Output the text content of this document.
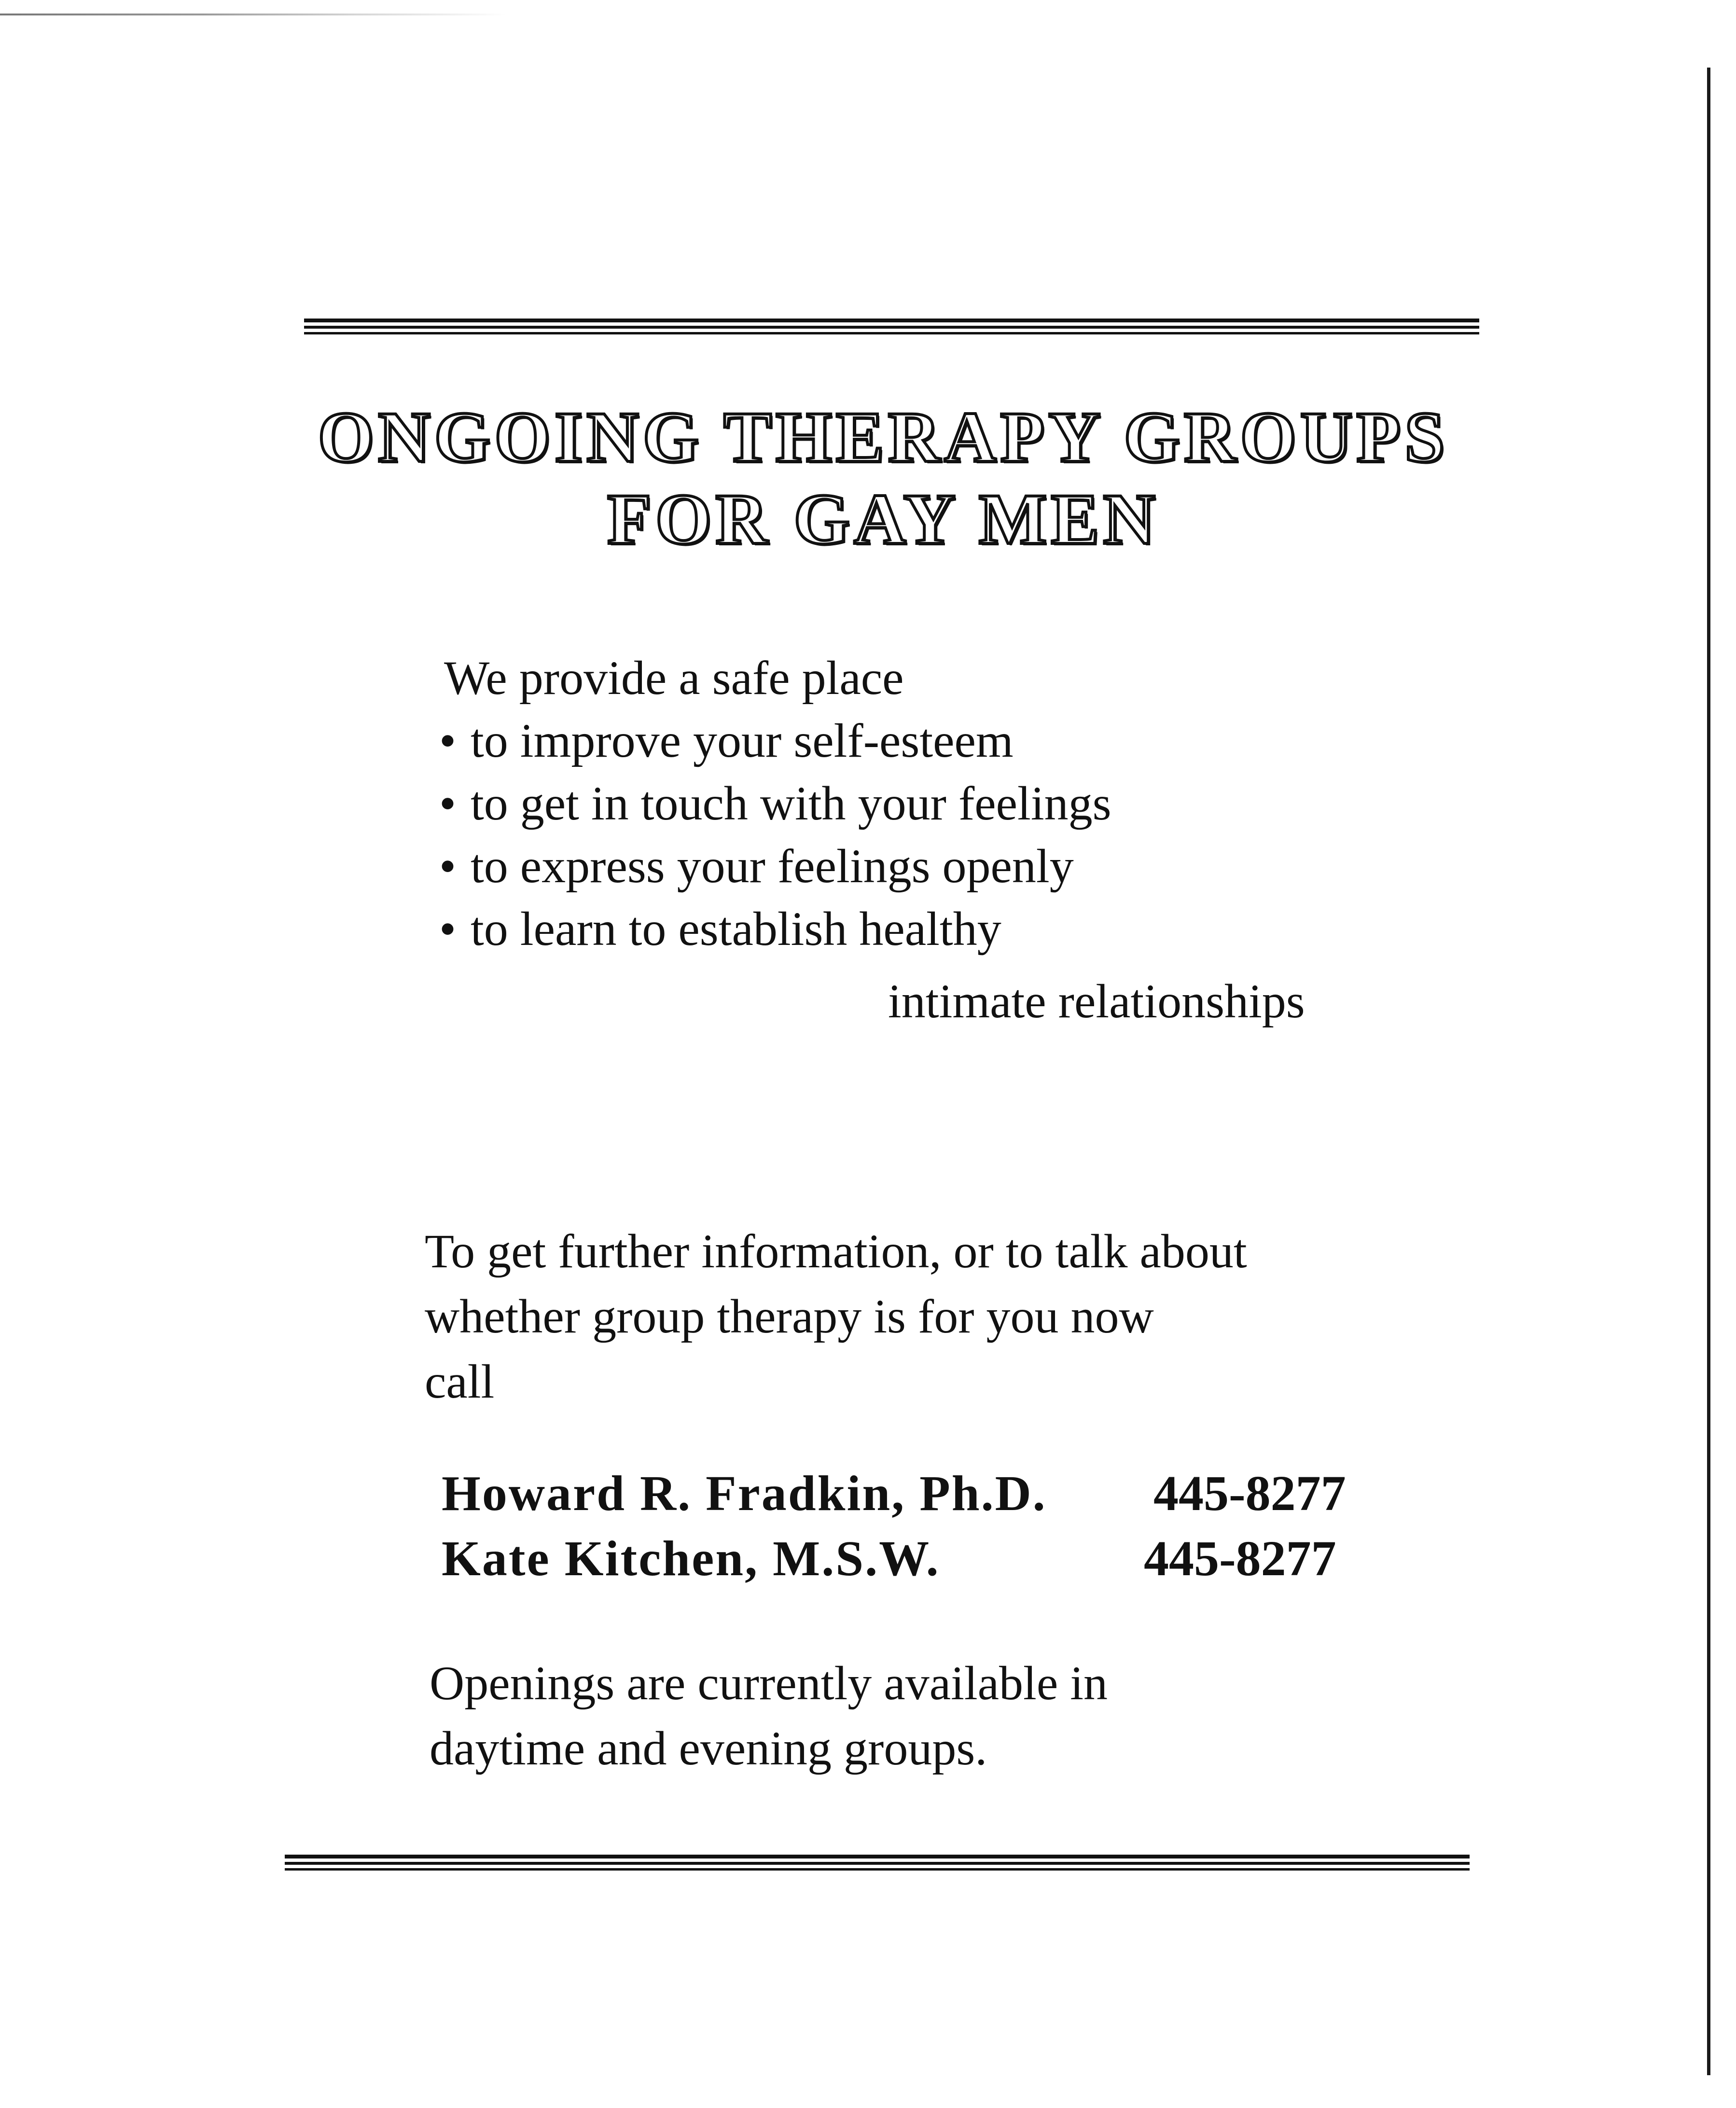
ONGOING THERAPY GROUPS
FOR GAY MEN
We provide a safe place
• to improve your self-esteem
• to get in touch with your feelings
• to express your feelings openly
• to learn to establish healthy
intimate relationships
To get further information, or to talk about
whether group therapy is for you now
call
Howard R. Fradkin, Ph.D. 445-8277
Kate Kitchen, M.S.W.	445-8277
Openings are currently available in
daytime and evening groups.
